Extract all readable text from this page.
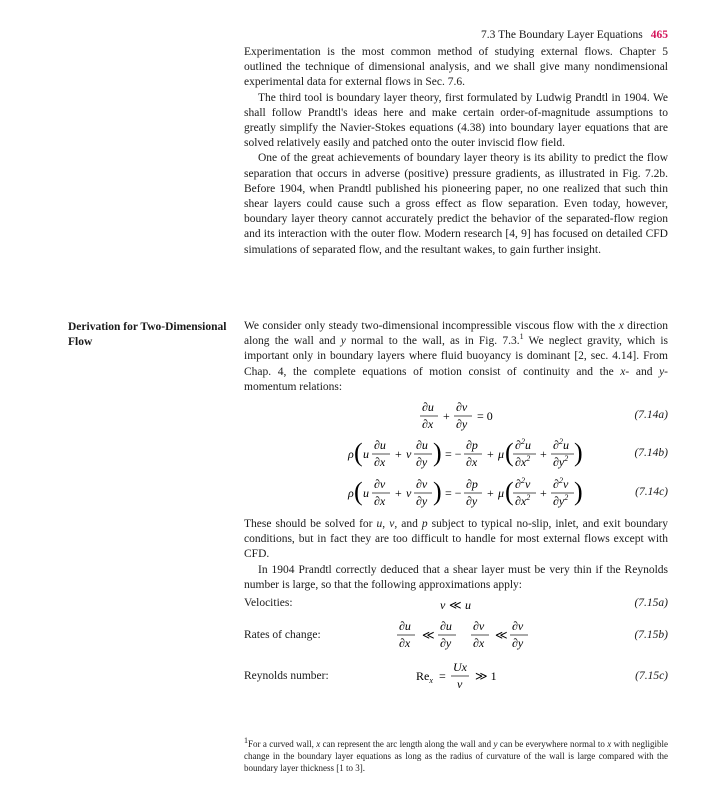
7.3 The Boundary Layer Equations 465

Experimentation is the most common method of studying external flows. Chapter 5 outlined the technique of dimensional analysis, and we shall give many nondimensional experimental data for external flows in Sec. 7.6.

The third tool is boundary layer theory, first formulated by Ludwig Prandtl in 1904. We shall follow Prandtl's ideas here and make certain order-of-magnitude assumptions to greatly simplify the Navier-Stokes equations (4.38) into boundary layer equations that are solved relatively easily and patched onto the outer inviscid flow field.

One of the great achievements of boundary layer theory is its ability to predict the flow separation that occurs in adverse (positive) pressure gradients, as illustrated in Fig. 7.2b. Before 1904, when Prandtl published his pioneering paper, no one realized that such thin shear layers could cause such a gross effect as flow separation. Even today, however, boundary layer theory cannot accurately predict the behavior of the separated-flow region and its interaction with the outer flow. Modern research [4, 9] has focused on detailed CFD simulations of separated flow, and the resultant wakes, to gain further insight.

Derivation for Two-Dimensional Flow

We consider only steady two-dimensional incompressible viscous flow with the x direction along the wall and y normal to the wall, as in Fig. 7.3.$^1$ We neglect gravity, which is important only in boundary layers where fluid buoyancy is dominant [2, sec. 4.14]. From Chap. 4, the complete equations of motion consist of continuity and the x- and y-momentum relations:

∂u
∂x
+
∂v
∂y
= 0	(7.14a)
ρ ( u
∂u
∂x
+ v
∂u
∂y ) = −
∂p
∂x
+ μ ( ∂$^2$u
$\partial x^2$ +
∂$^2$u
$\partial y^2$ )	(7.14b)
ρ ( u
∂v
∂x
+ v
∂v
∂y ) = −
∂p
∂y
+ μ ( ∂$^2$v
$\partial x^2$ +
∂$^2$v
$\partial y^2$ )	(7.14c)

These should be solved for u, v, and p subject to typical no-slip, inlet, and exit boundary conditions, but in fact they are too difficult to handle for most external flows except with CFD.

In 1904 Prandtl correctly deduced that a shear layer must be very thin if the Reynolds number is large, so that the following approximations apply:

Velocities:	v ≪ u	(7.15a)
Rates of change:
∂u
∂x
≪
∂u
∂y
∂v
∂x
≪
∂v
∂y
(7.15b)
Reynolds number:	$Re_x$ =
Ux
ν
≫ 1	(7.15c)
$^1$For a curved wall, x can represent the arc length along the wall and y can be everywhere normal to x with negligible change in the boundary layer equations as long as the radius of curvature of the wall is large compared with the boundary layer thickness [1 to 3].
